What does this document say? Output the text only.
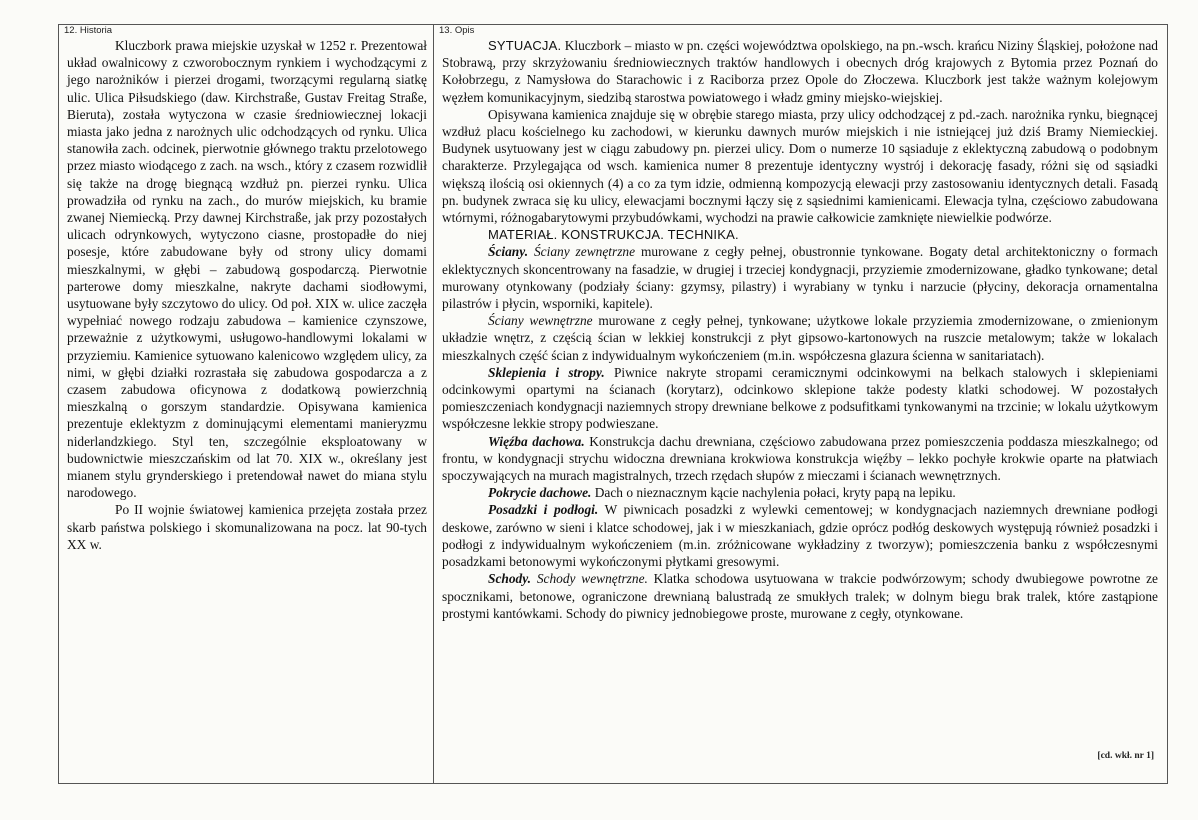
12. Historia

Kluczbork prawa miejskie uzyskał w 1252 r. Prezentował układ owalnicowy z czworobocznym rynkiem i wychodzącymi z jego narożników i pierzei drogami, tworzącymi regularną siatkę ulic. Ulica Piłsudskiego (daw. Kirchstraße, Gustav Freitag Straße, Bieruta), została wytyczona w czasie średniowiecznej lokacji miasta jako jedna z narożnych ulic odchodzących od rynku. Ulica stanowiła zach. odcinek, pierwotnie głównego traktu przelotowego przez miasto wiodącego z zach. na wsch., który z czasem rozwidlił się także na drogę biegnącą wzdłuż pn. pierzei rynku. Ulica prowadziła od rynku na zach., do murów miejskich, ku bramie zwanej Niemiecką. Przy dawnej Kirchstraße, jak przy pozostałych ulicach odrynkowych, wytyczono ciasne, prostopadłe do niej posesje, które zabudowane były od strony ulicy domami mieszkalnymi, w głębi – zabudową gospodarczą. Pierwotnie parterowe domy mieszkalne, nakryte dachami siodłowymi, usytuowane były szczytowo do ulicy. Od poł. XIX w. ulice zaczęła wypełniać nowego rodzaju zabudowa – kamienice czynszowe, przeważnie z użytkowymi, usługowo-handlowymi lokalami w przyziemiu. Kamienice sytuowano kalenicowo względem ulicy, za nimi, w głębi działki rozrastała się zabudowa gospodarcza a z czasem zabudowa oficynowa z dodatkową powierzchnią mieszkalną o gorszym standardzie. Opisywana kamienica prezentuje eklektyzm z dominującymi elementami manieryzmu niderlandzkiego. Styl ten, szczególnie eksploatowany w budownictwie mieszczańskim od lat 70. XIX w., określany jest mianem stylu grynderskiego i pretendował nawet do miana stylu narodowego.

Po II wojnie światowej kamienica przejęta została przez skarb państwa polskiego i skomunalizowana na pocz. lat 90-tych XX w.

13. Opis

SYTUACJA. Kluczbork – miasto w pn. części województwa opolskiego, na pn.-wsch. krańcu Niziny Śląskiej, położone nad Stobrawą, przy skrzyżowaniu średniowiecznych traktów handlowych i obecnych dróg krajowych z Bytomia przez Poznań do Kołobrzegu, z Namysłowa do Starachowic i z Raciborza przez Opole do Złoczewa. Kluczbork jest także ważnym kolejowym węzłem komunikacyjnym, siedzibą starostwa powiatowego i władz gminy miejsko-wiejskiej.

Opisywana kamienica znajduje się w obrębie starego miasta, przy ulicy odchodzącej z pd.-zach. narożnika rynku, biegnącej wzdłuż placu kościelnego ku zachodowi, w kierunku dawnych murów miejskich i nie istniejącej już dziś Bramy Niemieckiej. Budynek usytuowany jest w ciągu zabudowy pn. pierzei ulicy. Dom o numerze 10 sąsiaduje z eklektyczną zabudową o podobnym charakterze. Przylegająca od wsch. kamienica numer 8 prezentuje identyczny wystrój i dekorację fasady, różni się od sąsiadki większą ilością osi okiennych (4) a co za tym idzie, odmienną kompozycją elewacji przy zastosowaniu identycznych detali. Fasadą pn. budynek zwraca się ku ulicy, elewacjami bocznymi łączy się z sąsiednimi kamienicami. Elewacja tylna, częściowo zabudowana wtórnymi, różnogabarytowymi przybudówkami, wychodzi na prawie całkowicie zamknięte niewielkie podwórze.

MATERIAŁ. KONSTRUKCJA. TECHNIKA.

Ściany. Ściany zewnętrzne murowane z cegły pełnej, obustronnie tynkowane. Bogaty detal architektoniczny o formach eklektycznych skoncentrowany na fasadzie, w drugiej i trzeciej kondygnacji, przyziemie zmodernizowane, gładko tynkowane; detal murowany otynkowany (podziały ściany: gzymsy, pilastry) i wyrabiany w tynku i narzucie (płyciny, dekoracja ornamentalna pilastrów i płycin, wsporniki, kapitele).

Ściany wewnętrzne murowane z cegły pełnej, tynkowane; użytkowe lokale przyziemia zmodernizowane, o zmienionym układzie wnętrz, z częścią ścian w lekkiej konstrukcji z płyt gipsowo-kartonowych na ruszcie metalowym; także w lokalach mieszkalnych część ścian z indywidualnym wykończeniem (m.in. współczesna glazura ścienna w sanitariatach).

Sklepienia i stropy. Piwnice nakryte stropami ceramicznymi odcinkowymi na belkach stalowych i sklepieniami odcinkowymi opartymi na ścianach (korytarz), odcinkowo sklepione także podesty klatki schodowej. W pozostałych pomieszczeniach kondygnacji naziemnych stropy drewniane belkowe z podsufitkami tynkowanymi na trzcinie; w lokalu użytkowym współczesne lekkie stropy podwieszane.

Więźba dachowa. Konstrukcja dachu drewniana, częściowo zabudowana przez pomieszczenia poddasza mieszkalnego; od frontu, w kondygnacji strychu widoczna drewniana krokwiowa konstrukcja więźby – lekko pochyłe krokwie oparte na płatwiach spoczywających na murach magistralnych, trzech rzędach słupów z mieczami i ścianach wewnętrznych.

Pokrycie dachowe. Dach o nieznacznym kącie nachylenia połaci, kryty papą na lepiku.

Posadzki i podłogi. W piwnicach posadzki z wylewki cementowej; w kondygnacjach naziemnych drewniane podłogi deskowe, zarówno w sieni i klatce schodowej, jak i w mieszkaniach, gdzie oprócz podłóg deskowych występują również posadzki i podłogi z indywidualnym wykończeniem (m.in. zróżnicowane wykładziny z tworzyw); pomieszczenia banku z współczesnymi posadzkami betonowymi wykończonymi płytkami gresowymi.

Schody. Schody wewnętrzne. Klatka schodowa usytuowana w trakcie podwórzowym; schody dwubiegowe powrotne ze spocznikami, betonowe, ograniczone drewnianą balustradą ze smukłych tralek; w dolnym biegu brak tralek, które zastąpione prostymi kantówkami. Schody do piwnicy jednobiegowe proste, murowane z cegły, otynkowane.

[cd. wkł. nr 1]
